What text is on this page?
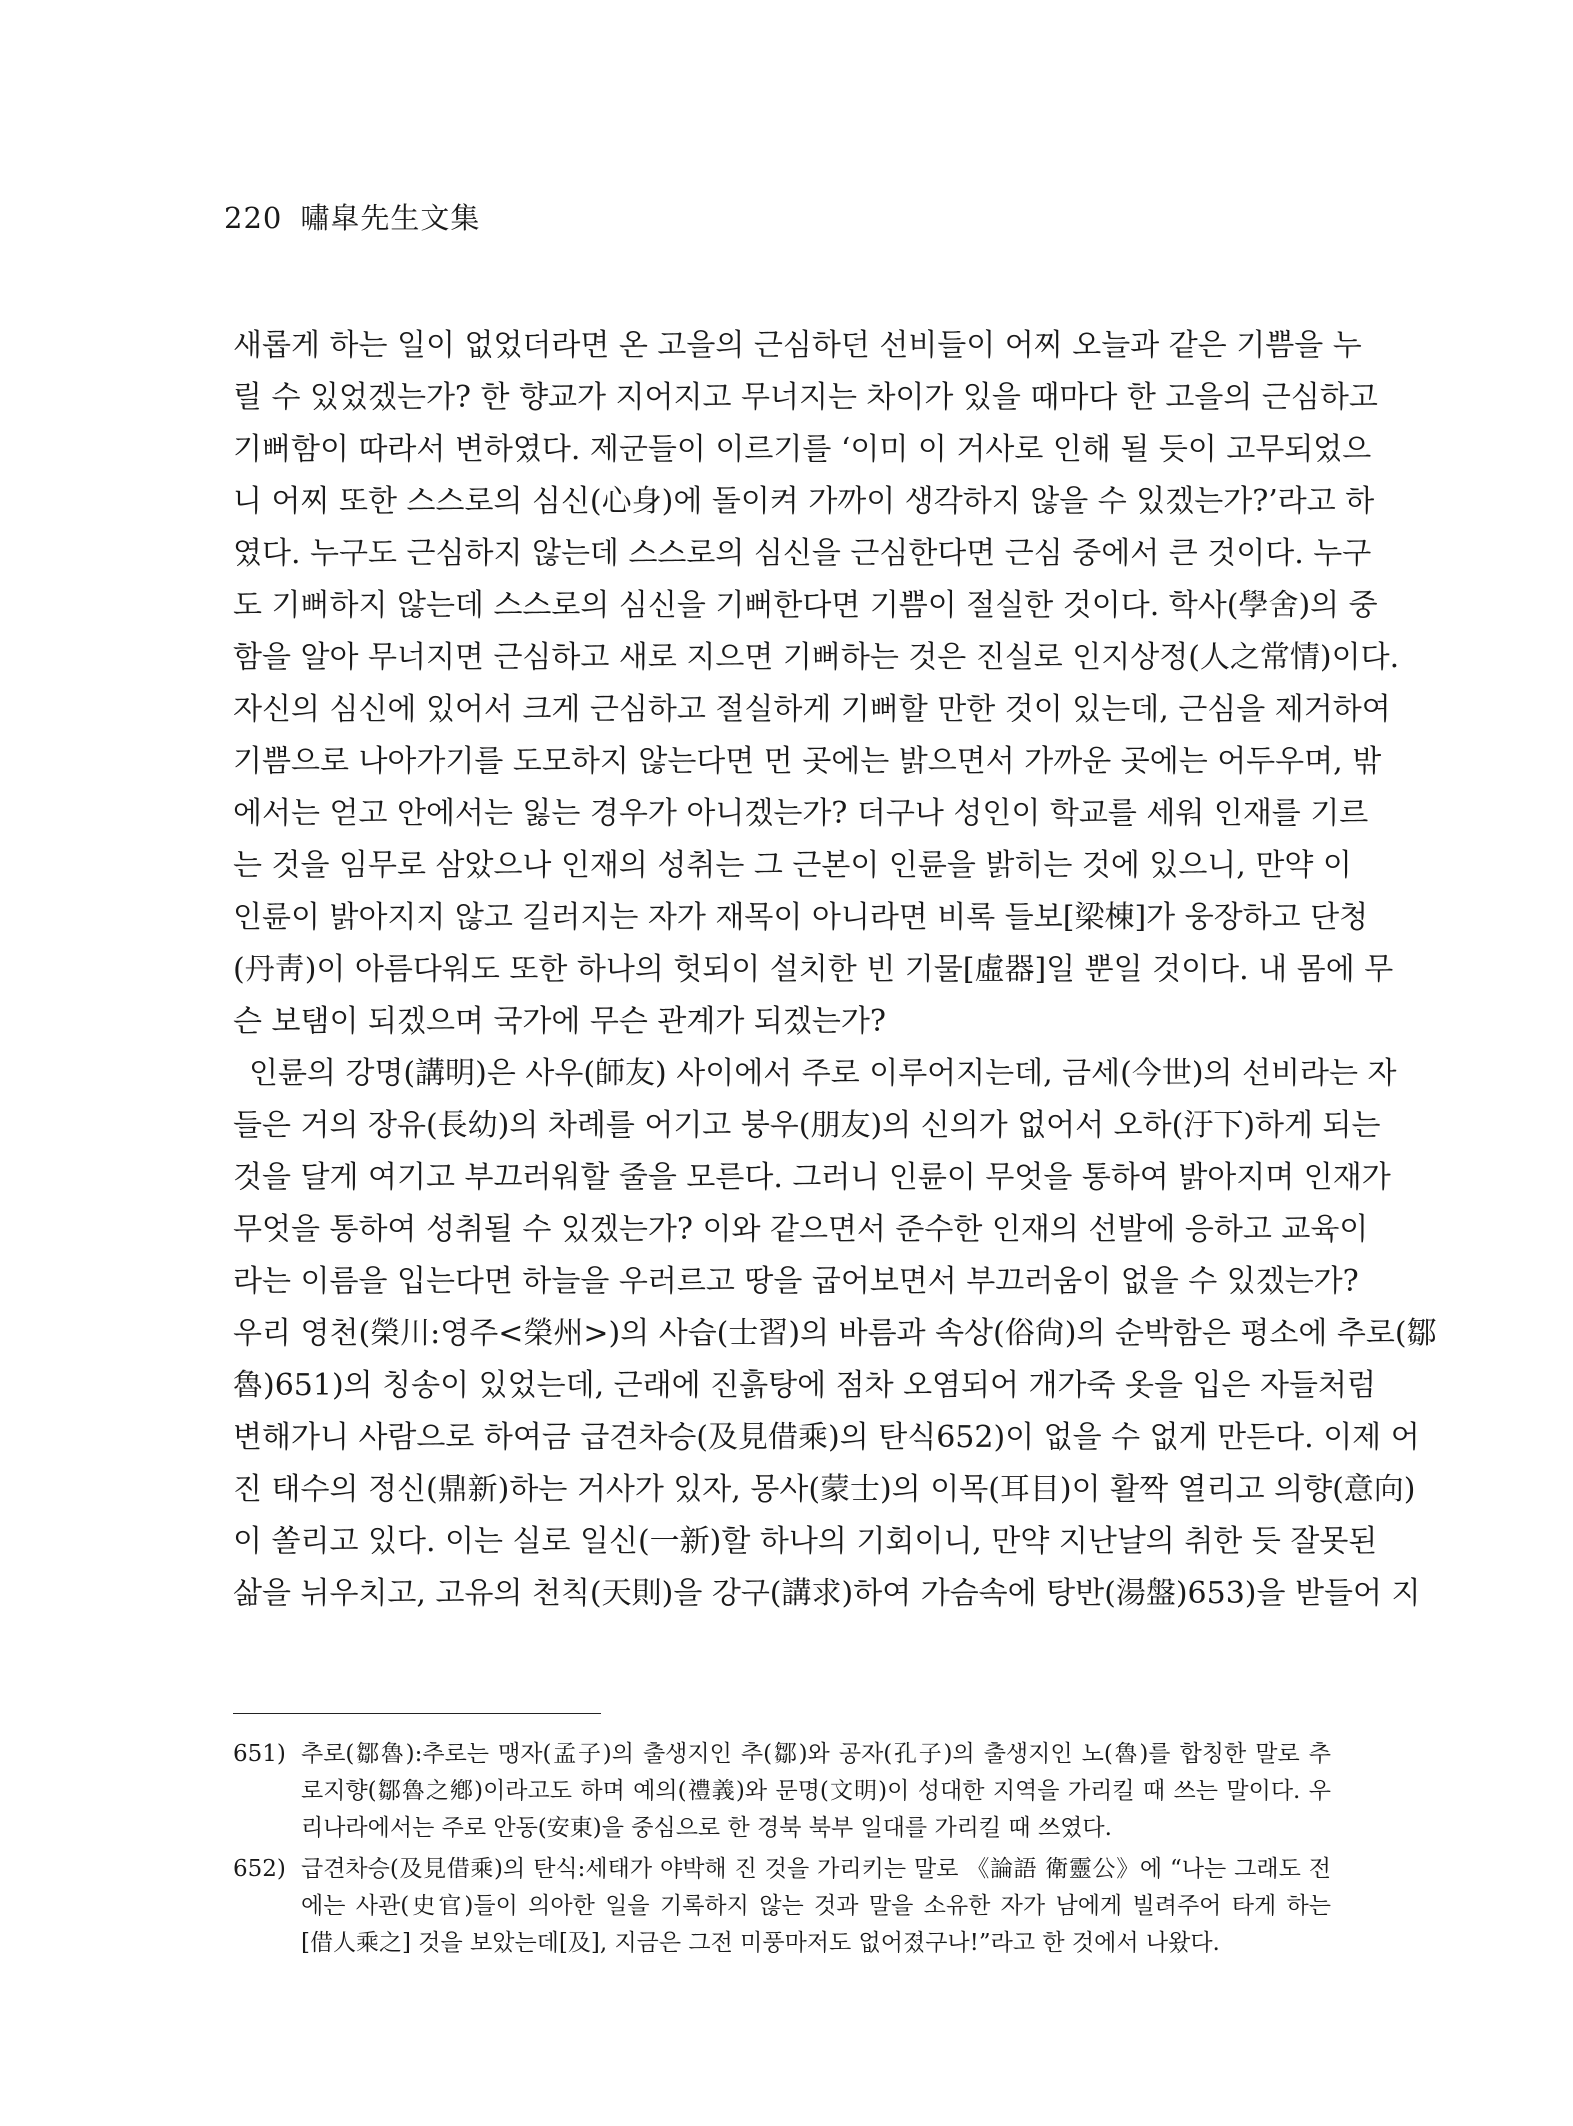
220 嘯皐先生文集
새롭게 하는 일이 없었더라면 온 고을의 근심하던 선비들이 어찌 오늘과 같은 기쁨을 누
릴 수 있었겠는가? 한 향교가 지어지고 무너지는 차이가 있을 때마다 한 고을의 근심하고
기뻐함이 따라서 변하였다. 제군들이 이르기를 ‘이미 이 거사로 인해 될 듯이 고무되었으
니 어찌 또한 스스로의 심신(心身)에 돌이켜 가까이 생각하지 않을 수 있겠는가?’라고 하
였다. 누구도 근심하지 않는데 스스로의 심신을 근심한다면 근심 중에서 큰 것이다. 누구
도 기뻐하지 않는데 스스로의 심신을 기뻐한다면 기쁨이 절실한 것이다. 학사(學舍)의 중
함을 알아 무너지면 근심하고 새로 지으면 기뻐하는 것은 진실로 인지상정(人之常情)이다.
자신의 심신에 있어서 크게 근심하고 절실하게 기뻐할 만한 것이 있는데, 근심을 제거하여
기쁨으로 나아가기를 도모하지 않는다면 먼 곳에는 밝으면서 가까운 곳에는 어두우며, 밖
에서는 얻고 안에서는 잃는 경우가 아니겠는가? 더구나 성인이 학교를 세워 인재를 기르
는 것을 임무로 삼았으나 인재의 성취는 그 근본이 인륜을 밝히는 것에 있으니, 만약 이
인륜이 밝아지지 않고 길러지는 자가 재목이 아니라면 비록 들보[梁棟]가 웅장하고 단청
(丹靑)이 아름다워도 또한 하나의 헛되이 설치한 빈 기물[虛器]일 뿐일 것이다. 내 몸에 무
슨 보탬이 되겠으며 국가에 무슨 관계가 되겠는가?
인륜의 강명(講明)은 사우(師友) 사이에서 주로 이루어지는데, 금세(今世)의 선비라는 자
들은 거의 장유(長幼)의 차례를 어기고 붕우(朋友)의 신의가 없어서 오하(汙下)하게 되는
것을 달게 여기고 부끄러워할 줄을 모른다. 그러니 인륜이 무엇을 통하여 밝아지며 인재가
무엇을 통하여 성취될 수 있겠는가? 이와 같으면서 준수한 인재의 선발에 응하고 교육이
라는 이름을 입는다면 하늘을 우러르고 땅을 굽어보면서 부끄러움이 없을 수 있겠는가?
우리 영천(榮川:영주<榮州>)의 사습(士習)의 바름과 속상(俗尙)의 순박함은 평소에 추로(鄒
魯)651)의 칭송이 있었는데, 근래에 진흙탕에 점차 오염되어 개가죽 옷을 입은 자들처럼
변해가니 사람으로 하여금 급견차승(及見借乘)의 탄식652)이 없을 수 없게 만든다. 이제 어
진 태수의 정신(鼎新)하는 거사가 있자, 몽사(蒙士)의 이목(耳目)이 활짝 열리고 의향(意向)
이 쏠리고 있다. 이는 실로 일신(一新)할 하나의 기회이니, 만약 지난날의 취한 듯 잘못된
삶을 뉘우치고, 고유의 천칙(天則)을 강구(講求)하여 가슴속에 탕반(湯盤)653)을 받들어 지
651) 추로(鄒魯):추로는 맹자(孟子)의 출생지인 추(鄒)와 공자(孔子)의 출생지인 노(魯)를 합칭한 말로 추
로지향(鄒魯之鄕)이라고도 하며 예의(禮義)와 문명(文明)이 성대한 지역을 가리킬 때 쓰는 말이다. 우
리나라에서는 주로 안동(安東)을 중심으로 한 경북 북부 일대를 가리킬 때 쓰였다.
652) 급견차승(及見借乘)의 탄식:세태가 야박해 진 것을 가리키는 말로 《論語 衛靈公》에 “나는 그래도 전
에는 사관(史官)들이 의아한 일을 기록하지 않는 것과 말을 소유한 자가 남에게 빌려주어 타게 하는
[借人乘之] 것을 보았는데[及], 지금은 그전 미풍마저도 없어졌구나!”라고 한 것에서 나왔다.
